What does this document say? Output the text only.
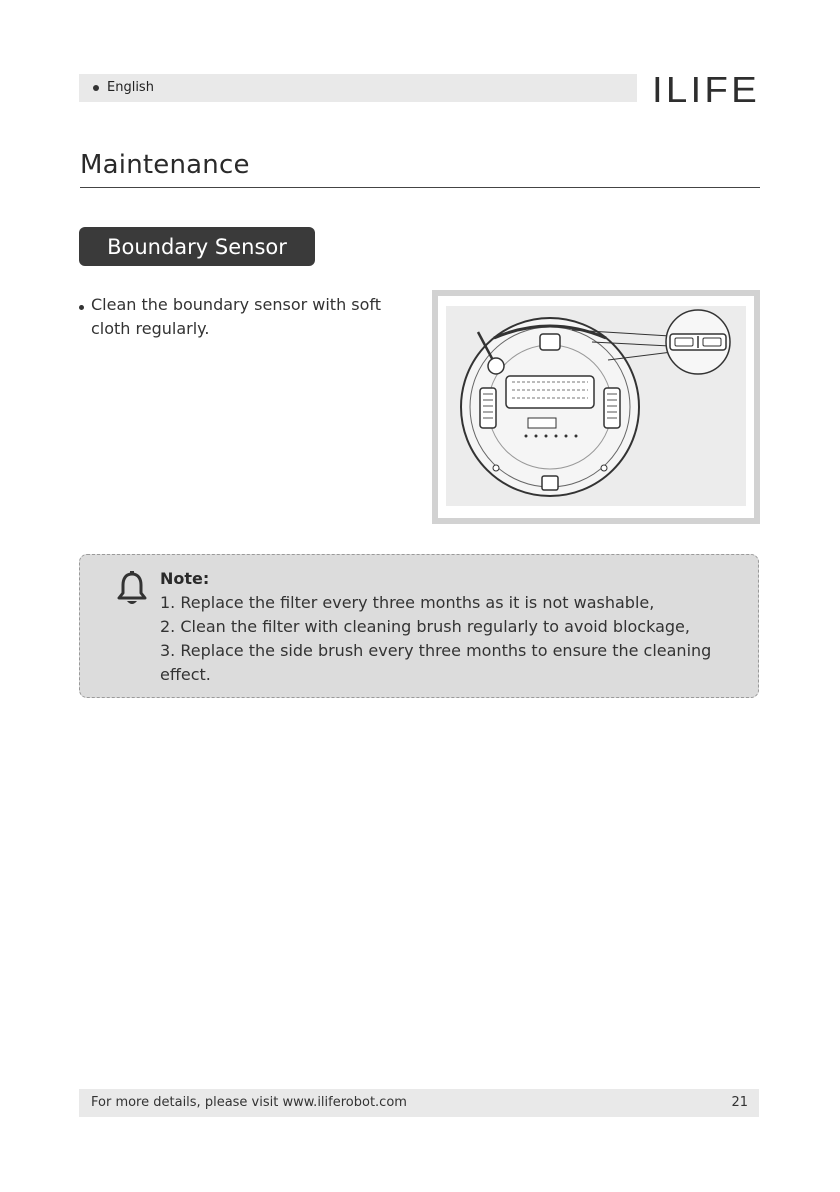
English	ILIFE
Maintenance
Boundary Sensor
Clean the boundary sensor with soft cloth regularly.
Note:
1. Replace the filter every three months as it is not washable,
2. Clean the filter with cleaning brush regularly to avoid blockage,
3. Replace the side brush every three months to ensure the cleaning effect.
For more details, please visit www.iliferobot.com	21
